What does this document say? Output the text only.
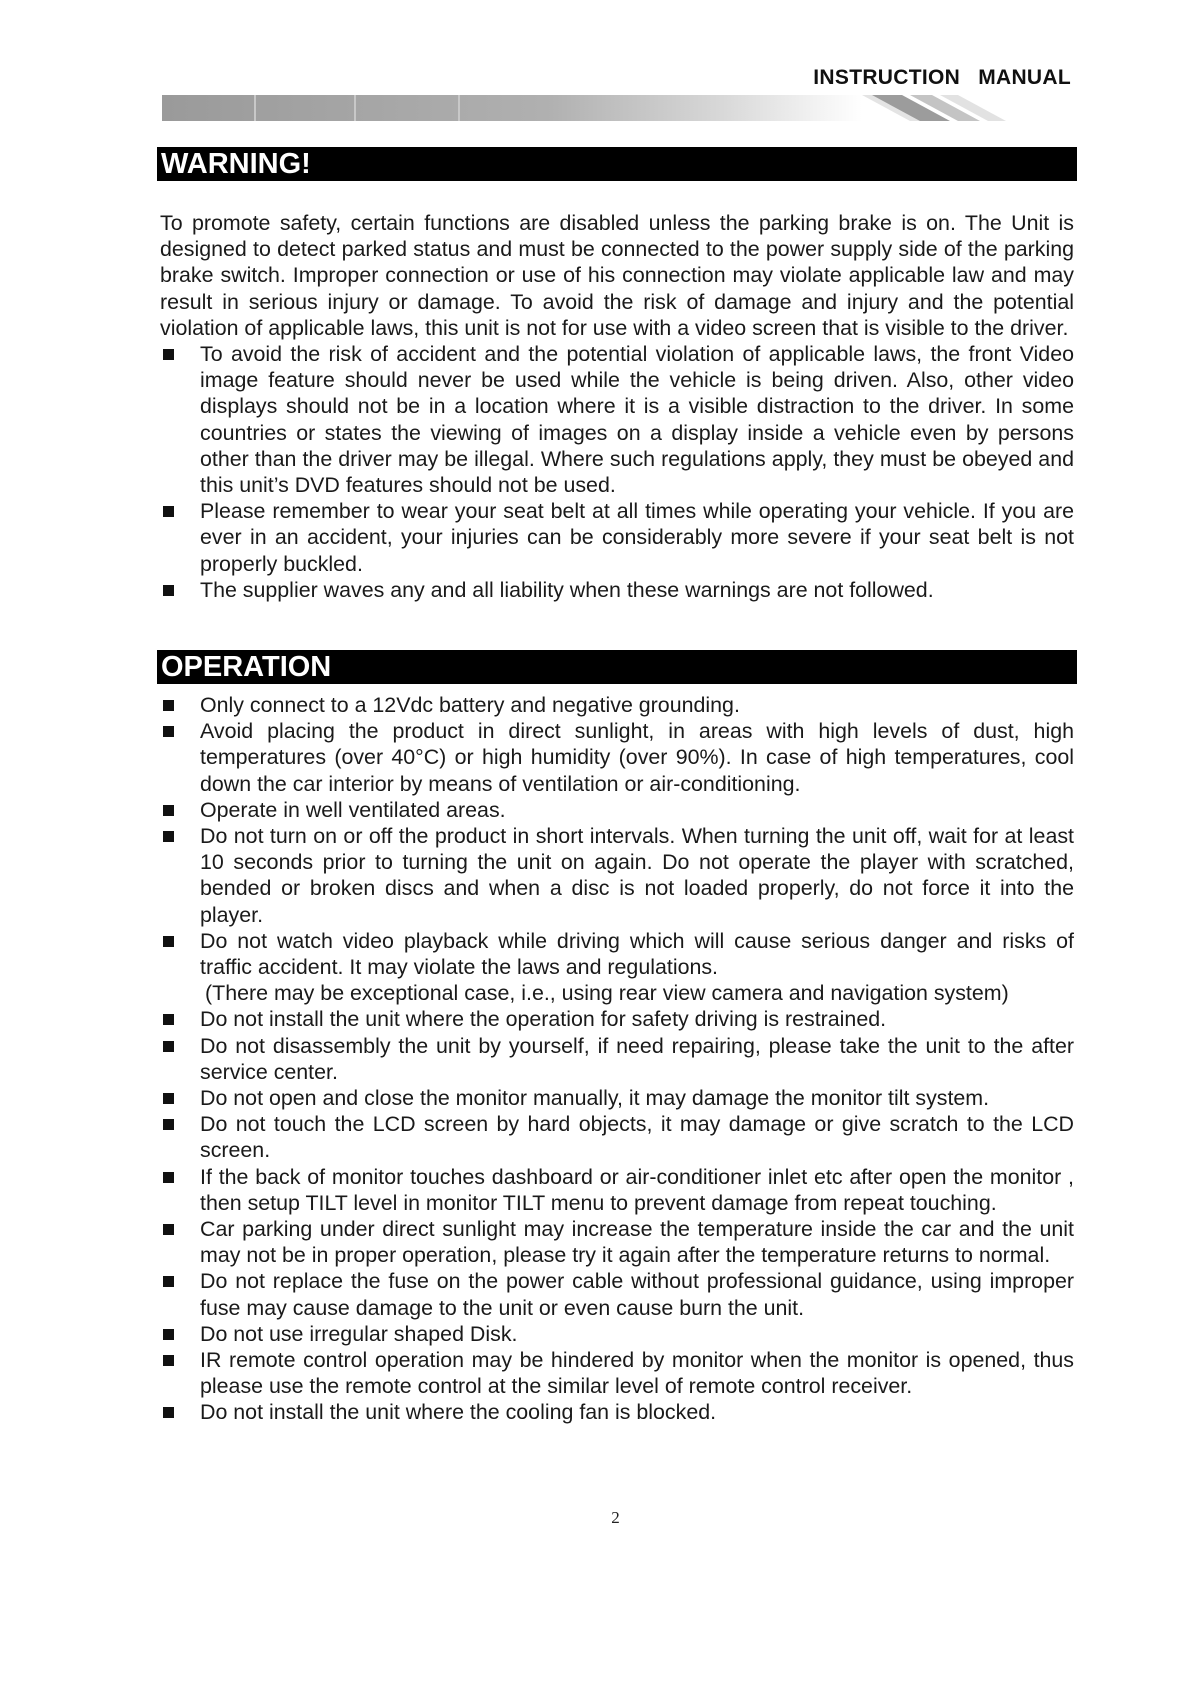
INSTRUCTION MANUAL
WARNING!

To promote safety, certain functions are disabled unless the parking brake is on. The Unit is designed to detect parked status and must be connected to the power supply side of the parking brake switch. Improper connection or use of his connection may violate applicable law and may result in serious injury or damage. To avoid the risk of damage and injury and the potential violation of applicable laws, this unit is not for use with a video screen that is visible to the driver.

To avoid the risk of accident and the potential violation of applicable laws, the front Video image feature should never be used while the vehicle is being driven. Also, other video displays should not be in a location where it is a visible distraction to the driver. In some countries or states the viewing of images on a display inside a vehicle even by persons other than the driver may be illegal. Where such regulations apply, they must be obeyed and this unit’s DVD features should not be used.
Please remember to wear your seat belt at all times while operating your vehicle. If you are ever in an accident, your injuries can be considerably more severe if your seat belt is not properly buckled.
The supplier waves any and all liability when these warnings are not followed.
OPERATION
Only connect to a 12Vdc battery and negative grounding.
Avoid placing the product in direct sunlight, in areas with high levels of dust, high temperatures (over 40°C) or high humidity (over 90%). In case of high temperatures, cool down the car interior by means of ventilation or air-conditioning.
Operate in well ventilated areas.
Do not turn on or off the product in short intervals. When turning the unit off, wait for at least 10 seconds prior to turning the unit on again. Do not operate the player with scratched, bended or broken discs and when a disc is not loaded properly, do not force it into the player.
Do not watch video playback while driving which will cause serious danger and risks of traffic accident. It may violate the laws and regulations.
(There may be exceptional case, i.e., using rear view camera and navigation system)
Do not install the unit where the operation for safety driving is restrained.
Do not disassembly the unit by yourself, if need repairing, please take the unit to the after service center.
Do not open and close the monitor manually, it may damage the monitor tilt system.
Do not touch the LCD screen by hard objects, it may damage or give scratch to the LCD screen.
If the back of monitor touches dashboard or air-conditioner inlet etc after open the monitor , then setup TILT level in monitor TILT menu to prevent damage from repeat touching.
Car parking under direct sunlight may increase the temperature inside the car and the unit may not be in proper operation, please try it again after the temperature returns to normal.
Do not replace the fuse on the power cable without professional guidance, using improper fuse may cause damage to the unit or even cause burn the unit.
Do not use irregular shaped Disk.
IR remote control operation may be hindered by monitor when the monitor is opened, thus please use the remote control at the similar level of remote control receiver.
Do not install the unit where the cooling fan is blocked.
2
